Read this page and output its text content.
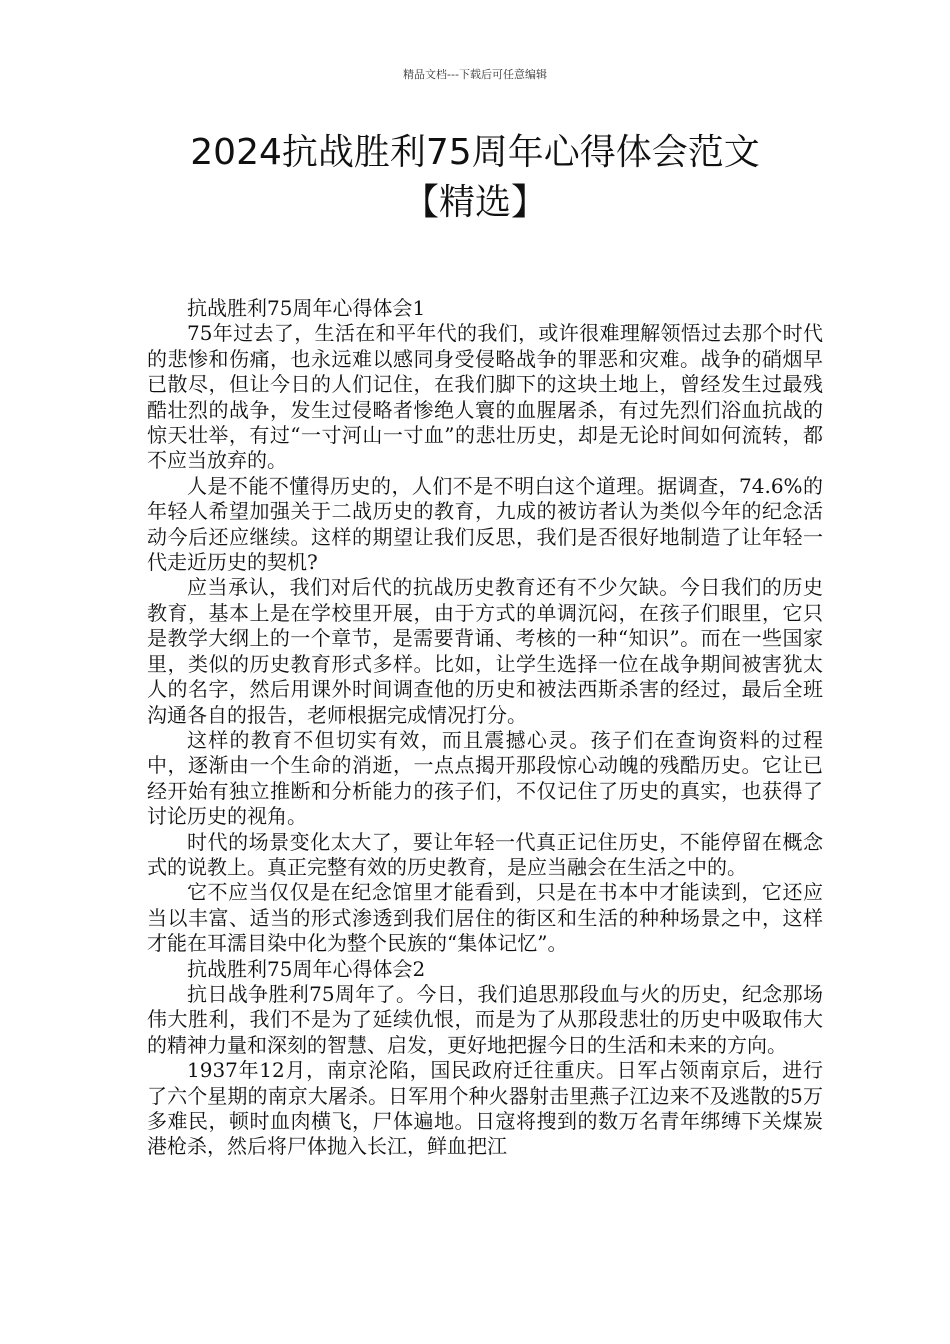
精品文档---下载后可任意编辑
2024抗战胜利75周年心得体会范文
【精选】

抗战胜利75周年心得体会1

75年过去了，生活在和平年代的我们，或许很难理解领悟过去那个时代的悲惨和伤痛，也永远难以感同身受侵略战争的罪恶和灾难。战争的硝烟早已散尽，但让今日的人们记住，在我们脚下的这块土地上，曾经发生过最残酷壮烈的战争，发生过侵略者惨绝人寰的血腥屠杀，有过先烈们浴血抗战的惊天壮举，有过“一寸河山一寸血”的悲壮历史，却是无论时间如何流转，都不应当放弃的。

人是不能不懂得历史的，人们不是不明白这个道理。据调查，74.6%的年轻人希望加强关于二战历史的教育，九成的被访者认为类似今年的纪念活动今后还应继续。这样的期望让我们反思，我们是否很好地制造了让年轻一代走近历史的契机?

应当承认，我们对后代的抗战历史教育还有不少欠缺。今日我们的历史教育，基本上是在学校里开展，由于方式的单调沉闷，在孩子们眼里，它只是教学大纲上的一个章节，是需要背诵、考核的一种“知识”。而在一些国家里，类似的历史教育形式多样。比如，让学生选择一位在战争期间被害犹太人的名字，然后用课外时间调查他的历史和被法西斯杀害的经过，最后全班沟通各自的报告，老师根据完成情况打分。

这样的教育不但切实有效，而且震撼心灵。孩子们在查询资料的过程中，逐渐由一个生命的消逝，一点点揭开那段惊心动魄的残酷历史。它让已经开始有独立推断和分析能力的孩子们，不仅记住了历史的真实，也获得了讨论历史的视角。

时代的场景变化太大了，要让年轻一代真正记住历史，不能停留在概念式的说教上。真正完整有效的历史教育，是应当融会在生活之中的。

它不应当仅仅是在纪念馆里才能看到，只是在书本中才能读到，它还应当以丰富、适当的形式渗透到我们居住的街区和生活的种种场景之中，这样才能在耳濡目染中化为整个民族的“集体记忆”。

抗战胜利75周年心得体会2

抗日战争胜利75周年了。今日，我们追思那段血与火的历史，纪念那场伟大胜利，我们不是为了延续仇恨，而是为了从那段悲壮的历史中吸取伟大的精神力量和深刻的智慧、启发，更好地把握今日的生活和未来的方向。

1937年12月，南京沦陷，国民政府迁往重庆。日军占领南京后，进行了六个星期的南京大屠杀。日军用个种火器射击里燕子江边来不及逃散的5万多难民，顿时血肉横飞，尸体遍地。日寇将搜到的数万名青年绑缚下关煤炭港枪杀，然后将尸体抛入长江，鲜血把江
